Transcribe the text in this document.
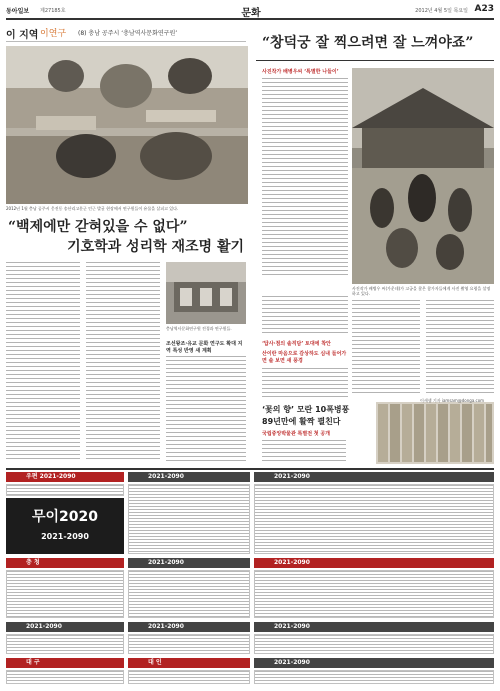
동아일보 제27185호	문화	2012년 4월 5일 목요일 A23
이 지역 이연구 (8) 충남 공주시 ‘충남역사문화연구원’
2012년 1월 충남 공주시 웅진동 송산리고분군 인근 발굴 현장에서 연구원들이 유물을 살피고 있다.
“백제에만 갇혀있을 수 없다”
기호학과 성리학 재조명 활기
충남역사문화연구원 전경과 연구원들.
조선왕조·유교 문화 연구도 확대 지역 특성 반영 새 계획
“창덕궁 잘 찍으려면 잘 느껴야죠”
사진작가 배병우씨 ‘특별한 나들이’
사진작가 배병우 씨(가운데)가 고궁을 찾은 참가자들에게 사진 촬영 요령을 설명하고 있다.
‘답사·점의 솔직담’ 토대에 착안
산이란 마음으로 감상하도 심내 들어가면 솔 보면 새 풍경
‘꽃의 향’ 모란 10폭병풍
89년만에 활짝 펼친다
국립중앙박물관 특별전 첫 공개
이새샘 기자 iamsam@donga.com
우편 2021-2090
무이2020
2021-2090
2021-2090	2021-2090
충 청	2021-2090	2021-2090
2021-2090	2021-2090	2021-2090
대 구	대 인	2021-2090
